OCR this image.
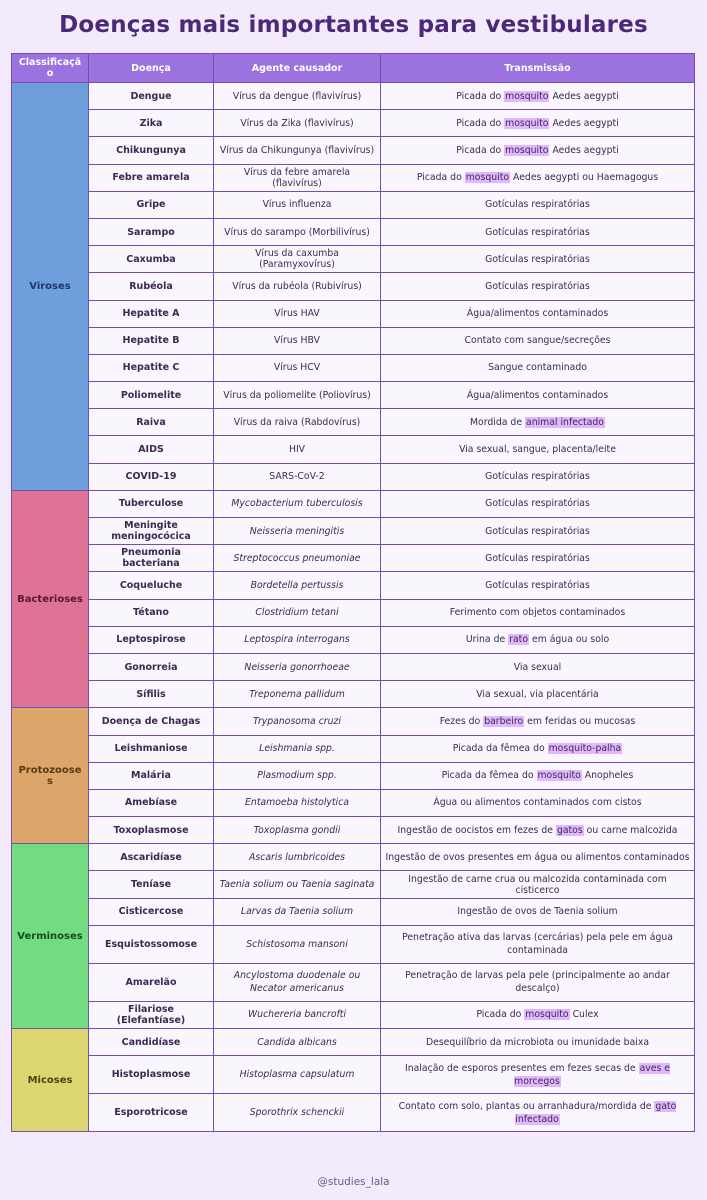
Doenças mais importantes para vestibulares
Classificação	Doença	Agente causador	Transmissão
Viroses	Dengue	Vírus da dengue (flavivírus)	Picada do mosquito Aedes aegypti
	Zika	Vírus da Zika (flavivírus)	Picada do mosquito Aedes aegypti
	Chikungunya	Vírus da Chikungunya (flavivírus)	Picada do mosquito Aedes aegypti
	Febre amarela	Vírus da febre amarela (flavivírus)	Picada do mosquito Aedes aegypti ou Haemagogus
	Gripe	Vírus influenza	Gotículas respiratórias
	Sarampo	Vírus do sarampo (Morbilivírus)	Gotículas respiratórias
	Caxumba	Vírus da caxumba (Paramyxovírus)	Gotículas respiratórias
	Rubéola	Vírus da rubéola (Rubivírus)	Gotículas respiratórias
	Hepatite A	Vírus HAV	Água/alimentos contaminados
	Hepatite B	Vírus HBV	Contato com sangue/secreções
	Hepatite C	Vírus HCV	Sangue contaminado
	Poliomelite	Vírus da poliomelite (Poliovírus)	Água/alimentos contaminados
	Raiva	Vírus da raiva (Rabdovírus)	Mordida de animal infectado
	AIDS	HIV	Via sexual, sangue, placenta/leite
	COVID-19	SARS-CoV-2	Gotículas respiratórias
Bacterioses	Tuberculose	Mycobacterium tuberculosis	Gotículas respiratórias
	Meningite meningocócica	Neisseria meningitis	Gotículas respiratórias
	Pneumonia bacteriana	Streptococcus pneumoniae	Gotículas respiratórias
	Coqueluche	Bordetella pertussis	Gotículas respiratórias
	Tétano	Clostridium tetani	Ferimento com objetos contaminados
	Leptospirose	Leptospira interrogans	Urina de rato em água ou solo
	Gonorreia	Neisseria gonorrhoeae	Via sexual
	Sífilis	Treponema pallidum	Via sexual, via placentária
Protozooses	Doença de Chagas	Trypanosoma cruzi	Fezes do barbeiro em feridas ou mucosas
	Leishmaniose	Leishmania spp.	Picada da fêmea do mosquito-palha
	Malária	Plasmodium spp.	Picada da fêmea do mosquito Anopheles
	Amebíase	Entamoeba histolytica	Água ou alimentos contaminados com cistos
	Toxoplasmose	Toxoplasma gondii	Ingestão de oocistos em fezes de gatos ou carne malcozida
Verminoses	Ascaridíase	Ascaris lumbricoides	Ingestão de ovos presentes em água ou alimentos contaminados
	Teníase	Taenia solium ou Taenia saginata	Ingestão de carne crua ou malcozida contaminada com cisticerco
	Cisticercose	Larvas da Taenia solium	Ingestão de ovos de Taenia solium
	Esquistossomose	Schistosoma mansoni	Penetração ativa das larvas (cercárias) pela pele em água contaminada
	Amarelão	Ancylostoma duodenale ou Necator americanus	Penetração de larvas pela pele (principalmente ao andar descalço)
	Filariose (Elefantíase)	Wuchereria bancrofti	Picada do mosquito Culex
Micoses	Candidíase	Candida albicans	Desequilíbrio da microbiota ou imunidade baixa
	Histoplasmose	Histoplasma capsulatum	Inalação de esporos presentes em fezes secas de aves e morcegos
	Esporotricose	Sporothrix schenckii	Contato com solo, plantas ou arranhadura/mordida de gato infectado
@studies_lala
